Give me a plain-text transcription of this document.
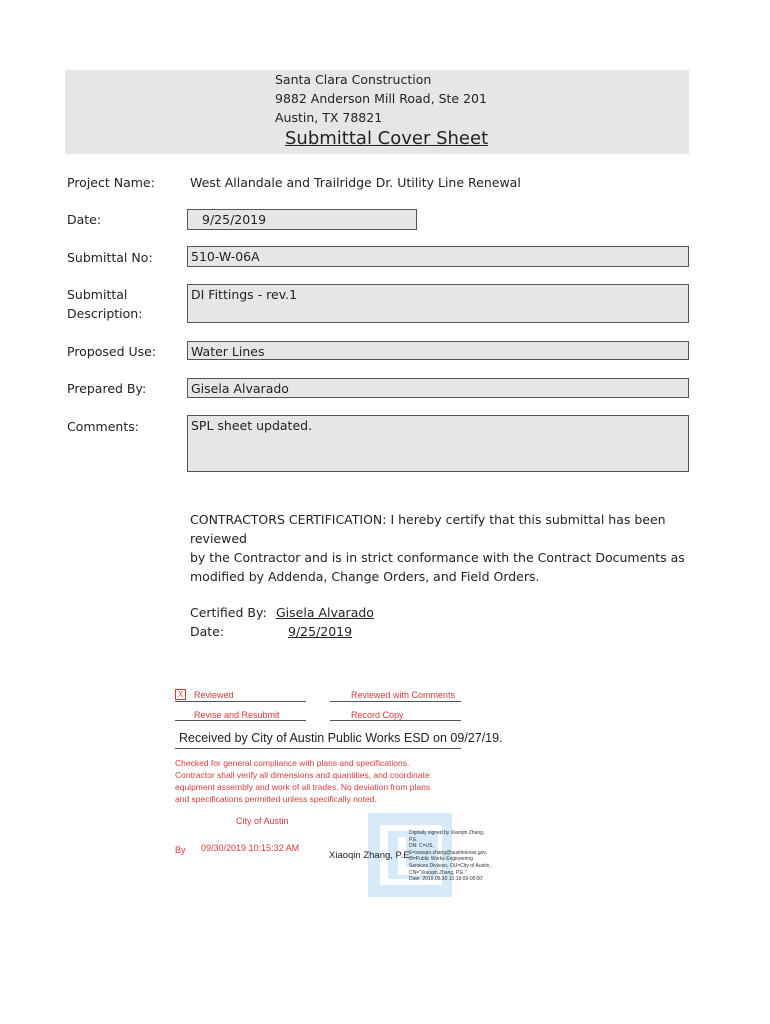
Santa Clara Construction
9882 Anderson Mill Road, Ste 201
Austin, TX 78821
Submittal Cover Sheet
Project Name:	West Allandale and Trailridge Dr. Utility Line Renewal
Date:	9/25/2019
Submittal No:	510-W-06A
Submittal
Description:
DI Fittings - rev.1
Proposed Use:	Water Lines
Prepared By:	Gisela Alvarado
Comments:	SPL sheet updated.
CONTRACTORS CERTIFICATION: I hereby certify that this submittal has been reviewed
by the Contractor and is in strict conformance with the Contract Documents as
modified by Addenda, Change Orders, and Field Orders.
Certified By: Gisela Alvarado
Date:	9/25/2019
X	Reviewed	Reviewed with Comments
Revise and Resubmit	Record Copy
Received by City of Austin Public Works ESD on 09/27/19.
Checked for general compliance with plans and specifications.
Contractor shall verify all dimensions and quantities, and coordinate
equipment assembly and work of all trades. No deviation from plans
and specifications permitted unless specifically noted.
City of Austin
By 09/30/2019 10:15:32 AM
Xiaoqin Zhang, P.E.
Digitally signed by Xiaoqin Zhang,
P.E.
DN: C=US,
E=xiaoqin.zhang@austintexas.gov,
O=Public Works Engineering
Services Division, OU=City of Austin,
CN="Xiaoqin Zhang, P.E."
Date: 2019.09.30 10:16:09-05'00'
